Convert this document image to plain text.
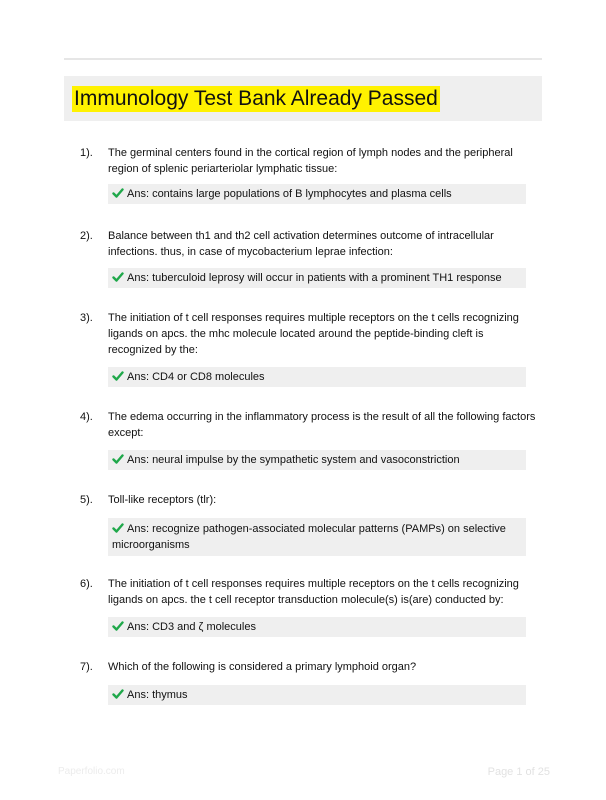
Immunology Test Bank Already Passed
1). The germinal centers found in the cortical region of lymph nodes and the peripheral region of splenic periarteriolar lymphatic tissue:
Ans: contains large populations of B lymphocytes and plasma cells
2). Balance between th1 and th2 cell activation determines outcome of intracellular infections. thus, in case of mycobacterium leprae infection:
Ans: tuberculoid leprosy will occur in patients with a prominent TH1 response
3). The initiation of t cell responses requires multiple receptors on the t cells recognizing ligands on apcs. the mhc molecule located around the peptide-binding cleft is recognized by the:
Ans: CD4 or CD8 molecules
4). The edema occurring in the inflammatory process is the result of all the following factors except:
Ans: neural impulse by the sympathetic system and vasoconstriction
5). Toll-like receptors (tlr):
Ans: recognize pathogen-associated molecular patterns (PAMPs) on selective microorganisms
6). The initiation of t cell responses requires multiple receptors on the t cells recognizing ligands on apcs. the t cell receptor transduction molecule(s) is(are) conducted by:
Ans: CD3 and ζ molecules
7). Which of the following is considered a primary lymphoid organ?
Ans: thymus
Paperfolio.com	Page 1 of 25
